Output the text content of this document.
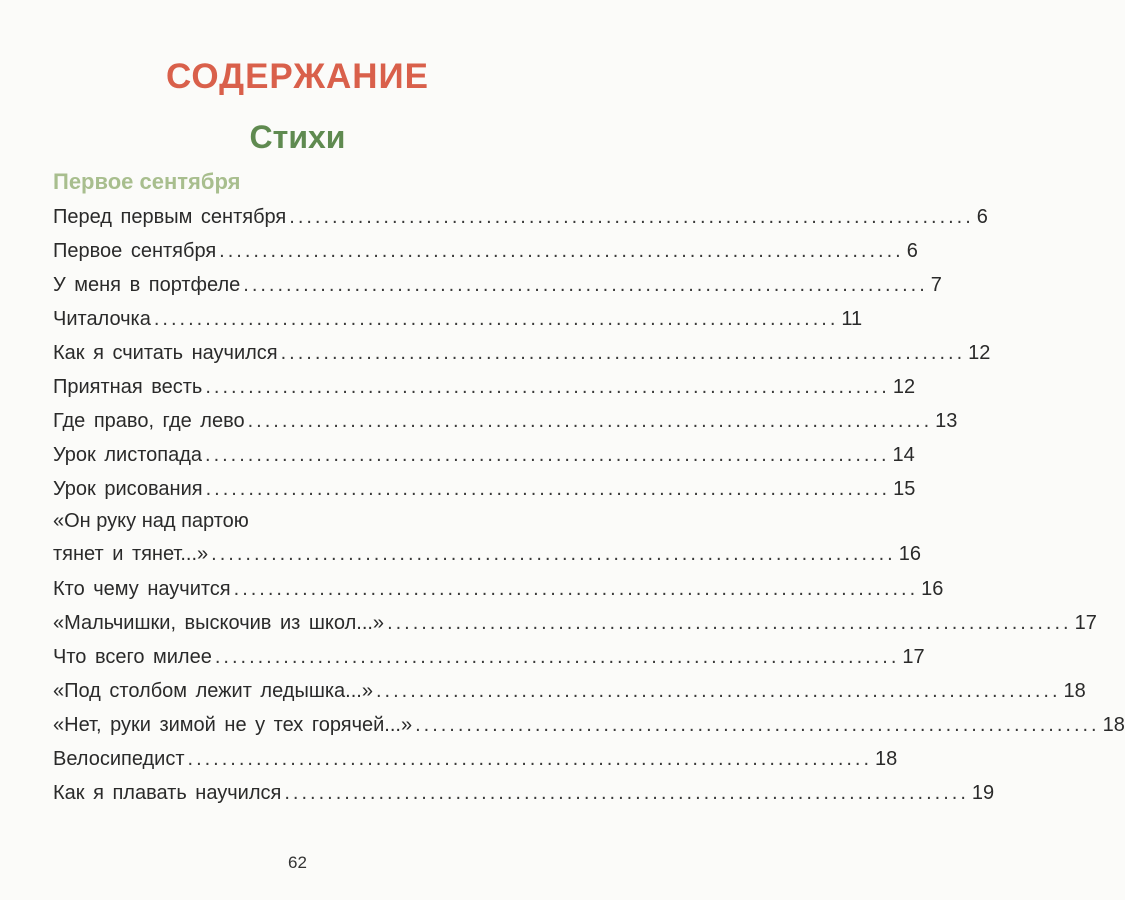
СОДЕРЖАНИЕ
Стихи
Первое сентября
Перед первым сентября ................................................................................ 6
Первое сентября ................................................................................ 6
У меня в портфеле ................................................................................ 7
Читалочка ................................................................................ 11
Как я считать научился ................................................................................ 12
Приятная весть ................................................................................ 12
Где право, где лево ................................................................................ 13
Урок листопада ................................................................................ 14
Урок рисования ................................................................................ 15
«Он руку над партою
тянет и тянет...» ................................................................................ 16
Кто чему научится ................................................................................ 16
«Мальчишки, выскочив из школ...» ................................................................................ 17
Что всего милее ................................................................................ 17
«Под столбом лежит ледышка...» ................................................................................ 18
«Нет, руки зимой не у тех горячей...» ................................................................................ 18
Велосипедист ................................................................................ 18
Как я плавать научился ................................................................................ 19
62
